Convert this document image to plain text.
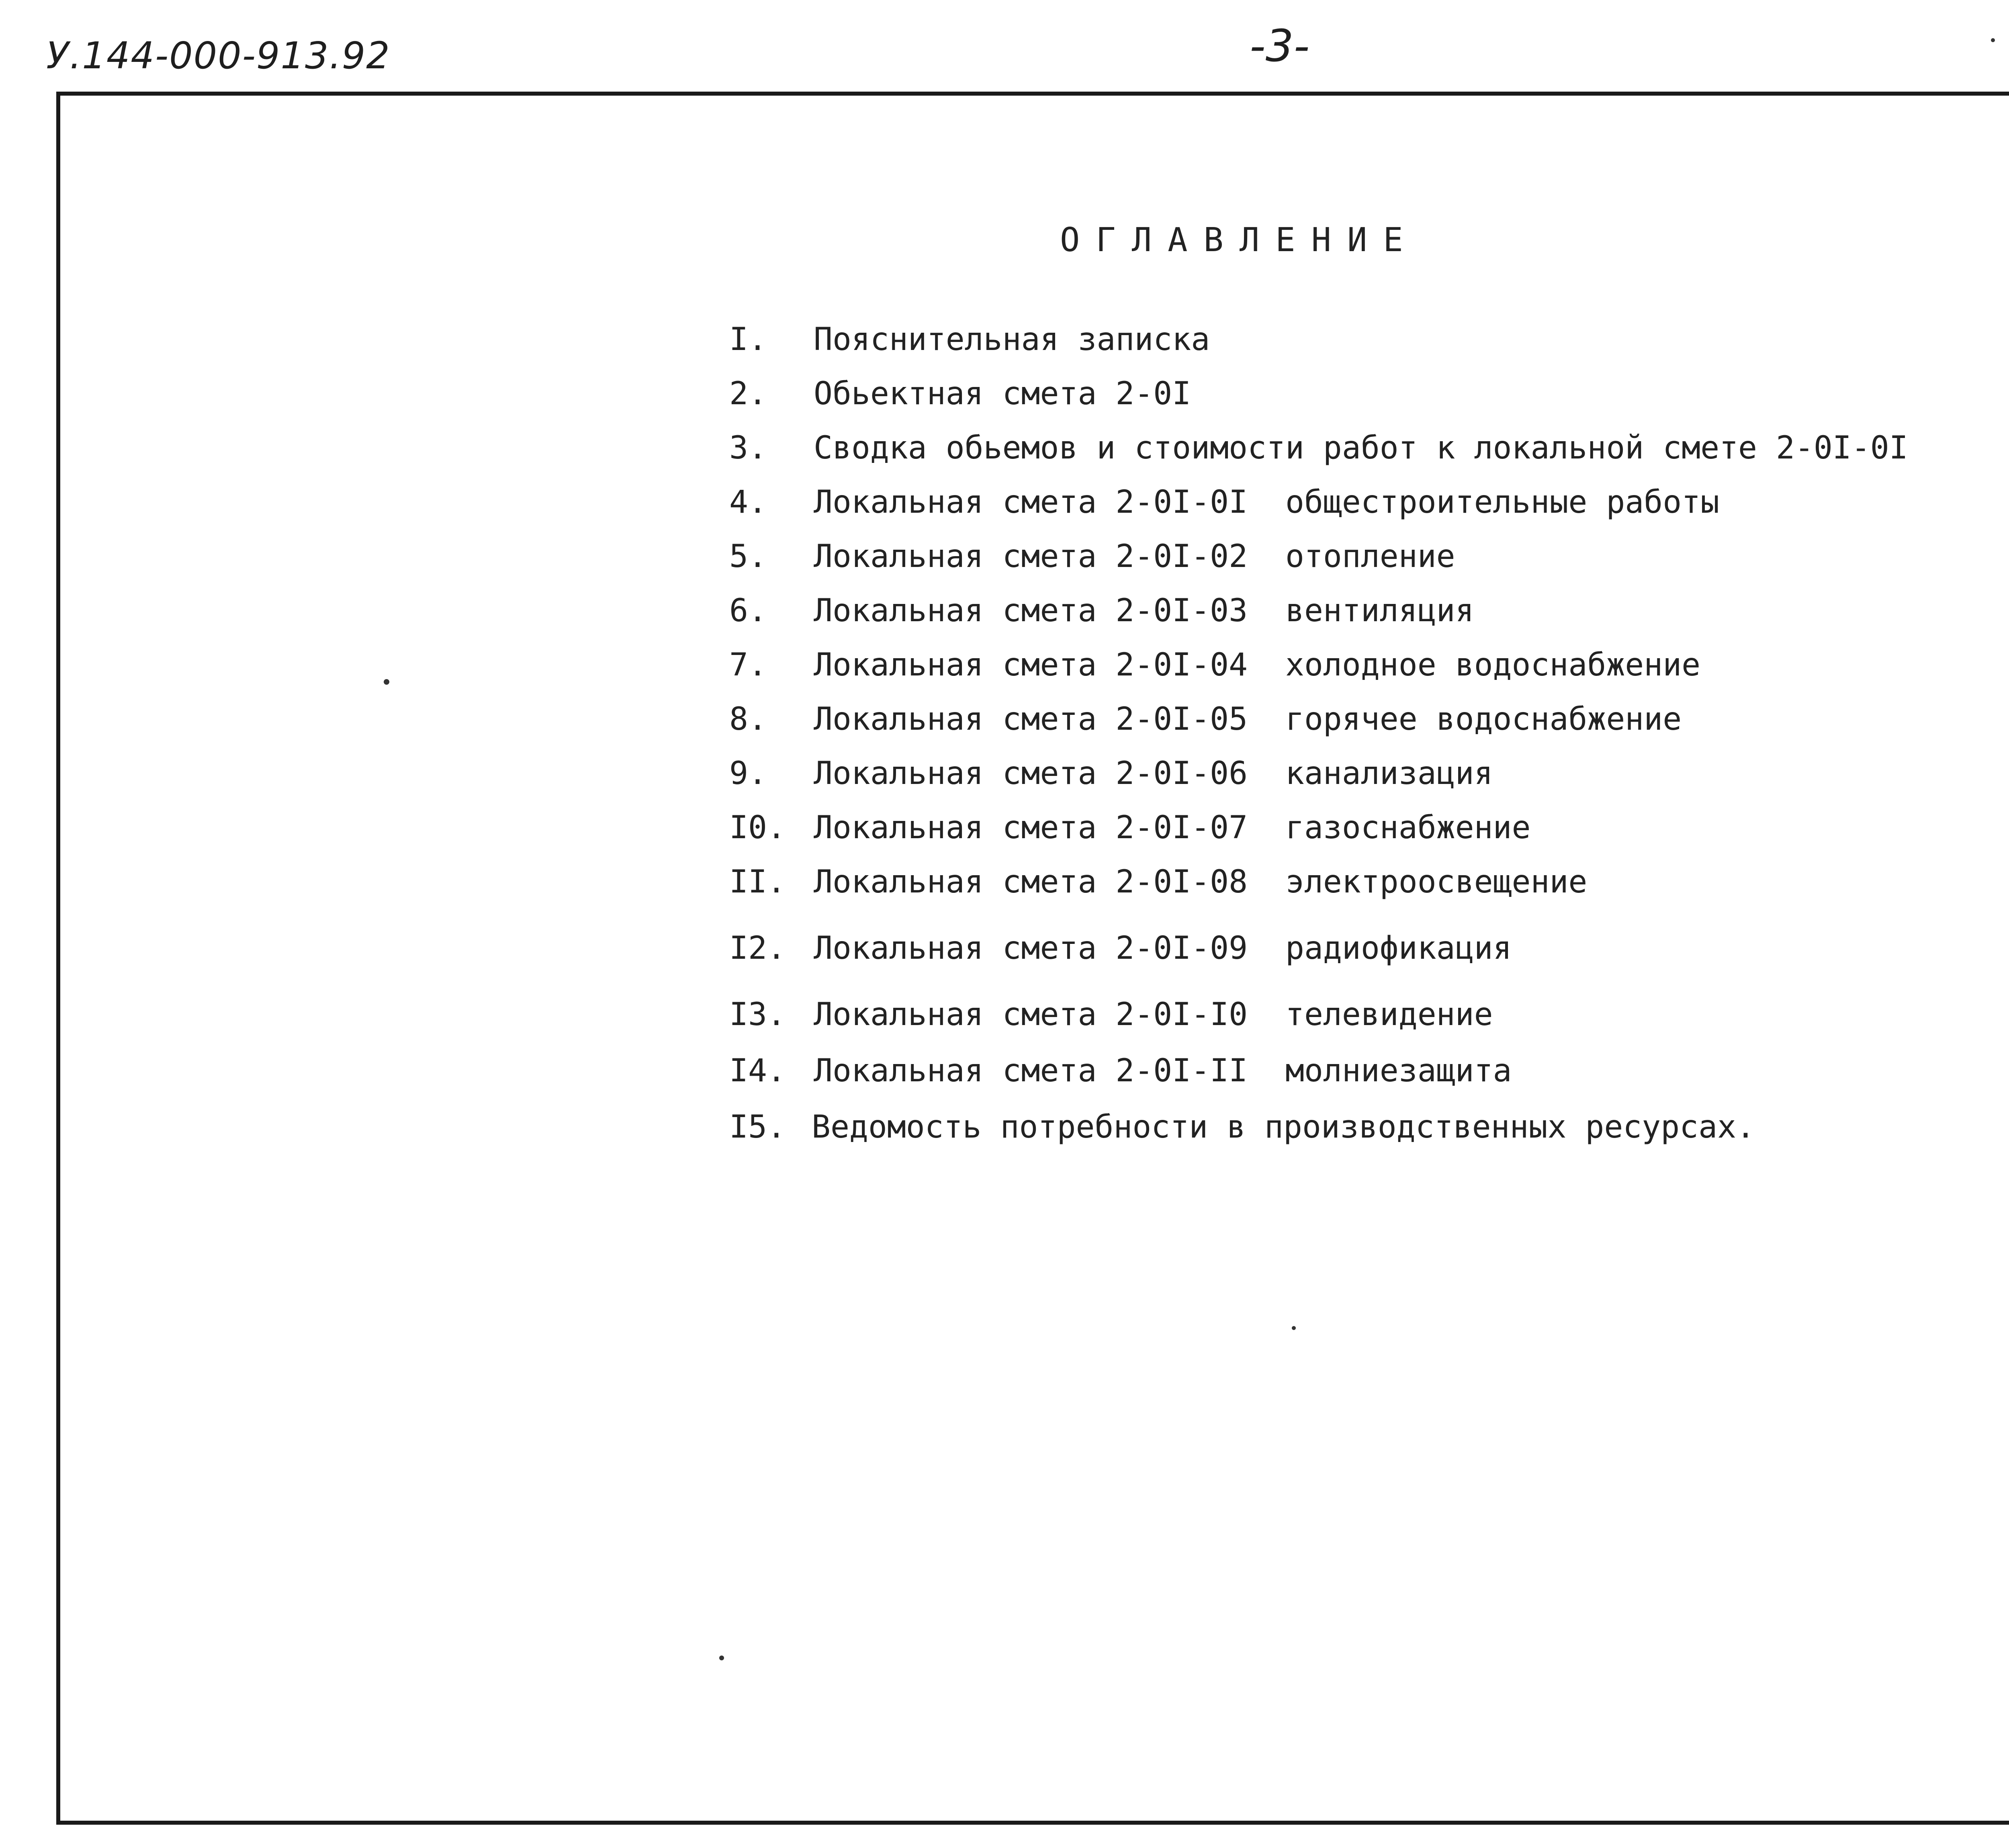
У.144-000-913.92	-3-
ОГЛАВЛЕНИЕ
I. Пояснительная записка
2. Обьектная смета 2-0I
3. Сводка обьемов и стоимости работ к локальной смете 2-0I-0I
4. Локальная смета 2-0I-0I  общестроительные работы
5. Локальная смета 2-0I-02  отопление
6. Локальная смета 2-0I-03  вентиляция
7. Локальная смета 2-0I-04  холодное водоснабжение
8. Локальная смета 2-0I-05  горячее водоснабжение
9. Локальная смета 2-0I-06  канализация
I0. Локальная смета 2-0I-07  газоснабжение
II. Локальная смета 2-0I-08  электроосвещение
I2. Локальная смета 2-0I-09  радиофикация
I3. Локальная смета 2-0I-I0  телевидение
I4. Локальная смета 2-0I-II  молниезащита
I5. Ведомость потребности в производственных ресурсах.
